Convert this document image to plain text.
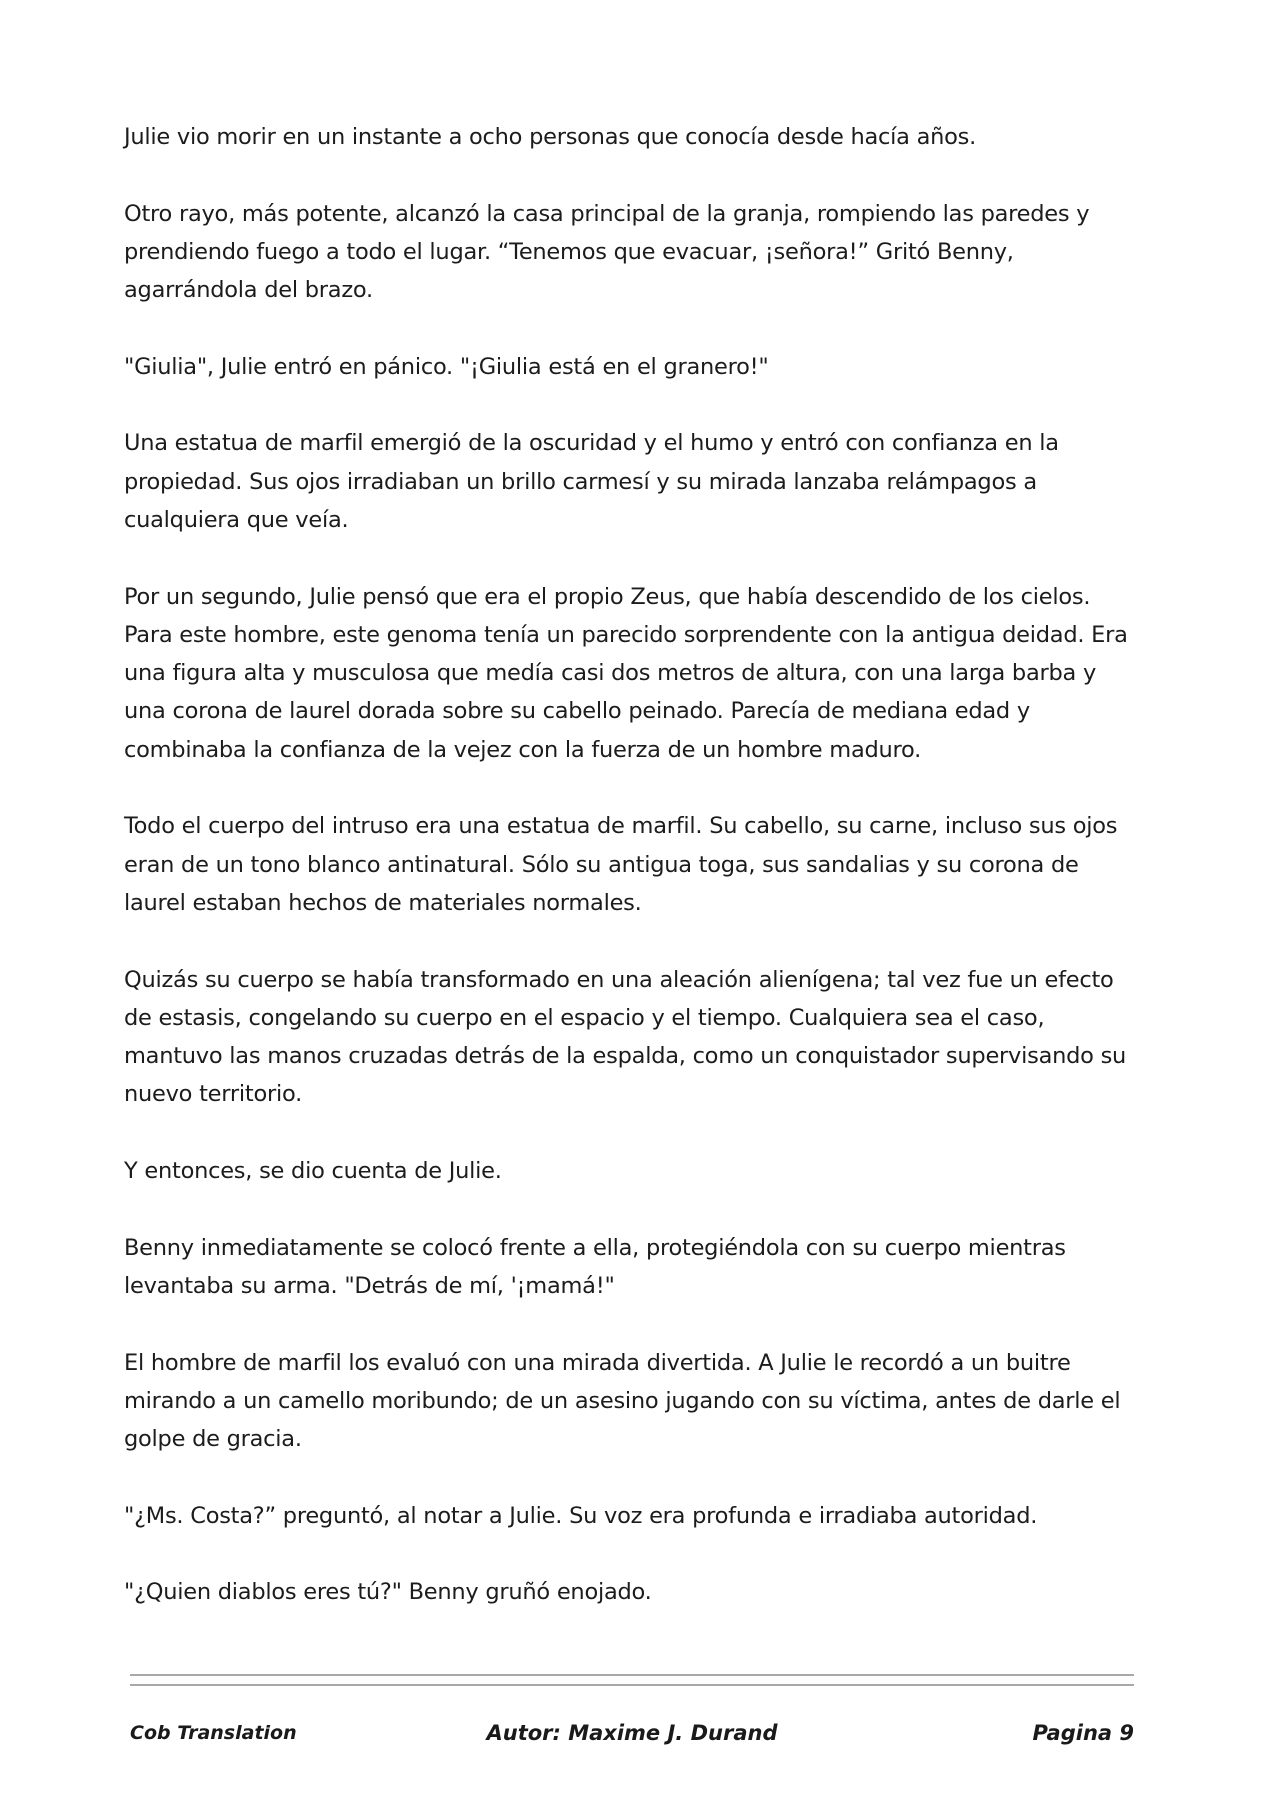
Julie vio morir en un instante a ocho personas que conocía desde hacía años.

Otro rayo, más potente, alcanzó la casa principal de la granja, rompiendo las paredes y prendiendo fuego a todo el lugar. “Tenemos que evacuar, ¡señora!” Gritó Benny, agarrándola del brazo.

"Giulia", Julie entró en pánico. "¡Giulia está en el granero!"

Una estatua de marfil emergió de la oscuridad y el humo y entró con confianza en la propiedad. Sus ojos irradiaban un brillo carmesí y su mirada lanzaba relámpagos a cualquiera que veía.

Por un segundo, Julie pensó que era el propio Zeus, que había descendido de los cielos. Para este hombre, este genoma tenía un parecido sorprendente con la antigua deidad. Era una figura alta y musculosa que medía casi dos metros de altura, con una larga barba y una corona de laurel dorada sobre su cabello peinado. Parecía de mediana edad y combinaba la confianza de la vejez con la fuerza de un hombre maduro.

Todo el cuerpo del intruso era una estatua de marfil. Su cabello, su carne, incluso sus ojos eran de un tono blanco antinatural. Sólo su antigua toga, sus sandalias y su corona de laurel estaban hechos de materiales normales.

Quizás su cuerpo se había transformado en una aleación alienígena; tal vez fue un efecto de estasis, congelando su cuerpo en el espacio y el tiempo. Cualquiera sea el caso, mantuvo las manos cruzadas detrás de la espalda, como un conquistador supervisando su nuevo territorio.

Y entonces, se dio cuenta de Julie.

Benny inmediatamente se colocó frente a ella, protegiéndola con su cuerpo mientras levantaba su arma. "Detrás de mí, '¡mamá!"

El hombre de marfil los evaluó con una mirada divertida. A Julie le recordó a un buitre mirando a un camello moribundo; de un asesino jugando con su víctima, antes de darle el golpe de gracia.

"¿Ms. Costa?” preguntó, al notar a Julie. Su voz era profunda e irradiaba autoridad.

"¿Quien diablos eres tú?" Benny gruñó enojado.

Cob Translation	Autor: Maxime J. Durand	Pagina 9
